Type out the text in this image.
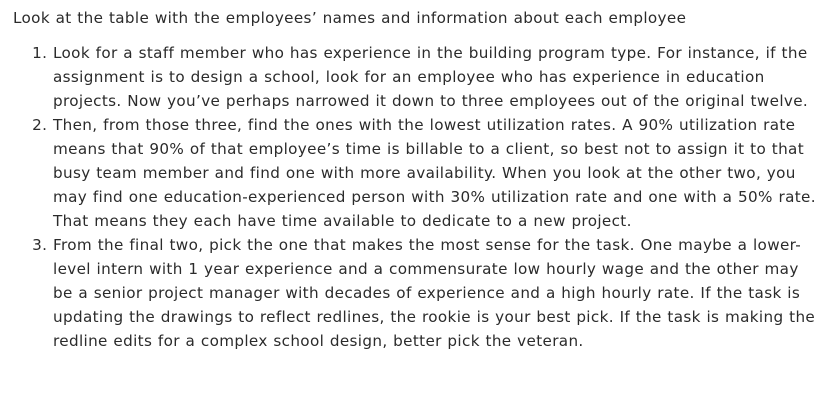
Look at the table with the employees’ names and information about each employee

1. Look for a staff member who has experience in the building program type. For instance, if the assignment is to design a school, look for an employee who has experience in education projects. Now you’ve perhaps narrowed it down to three employees out of the original twelve.
2. Then, from those three, find the ones with the lowest utilization rates. A 90% utilization rate means that 90% of that employee’s time is billable to a client, so best not to assign it to that busy team member and find one with more availability. When you look at the other two, you may find one education-experienced person with 30% utilization rate and one with a 50% rate. That means they each have time available to dedicate to a new project.
3. From the final two, pick the one that makes the most sense for the task. One maybe a lower-level intern with 1 year experience and a commensurate low hourly wage and the other may be a senior project manager with decades of experience and a high hourly rate. If the task is updating the drawings to reflect redlines, the rookie is your best pick. If the task is making the redline edits for a complex school design, better pick the veteran.
